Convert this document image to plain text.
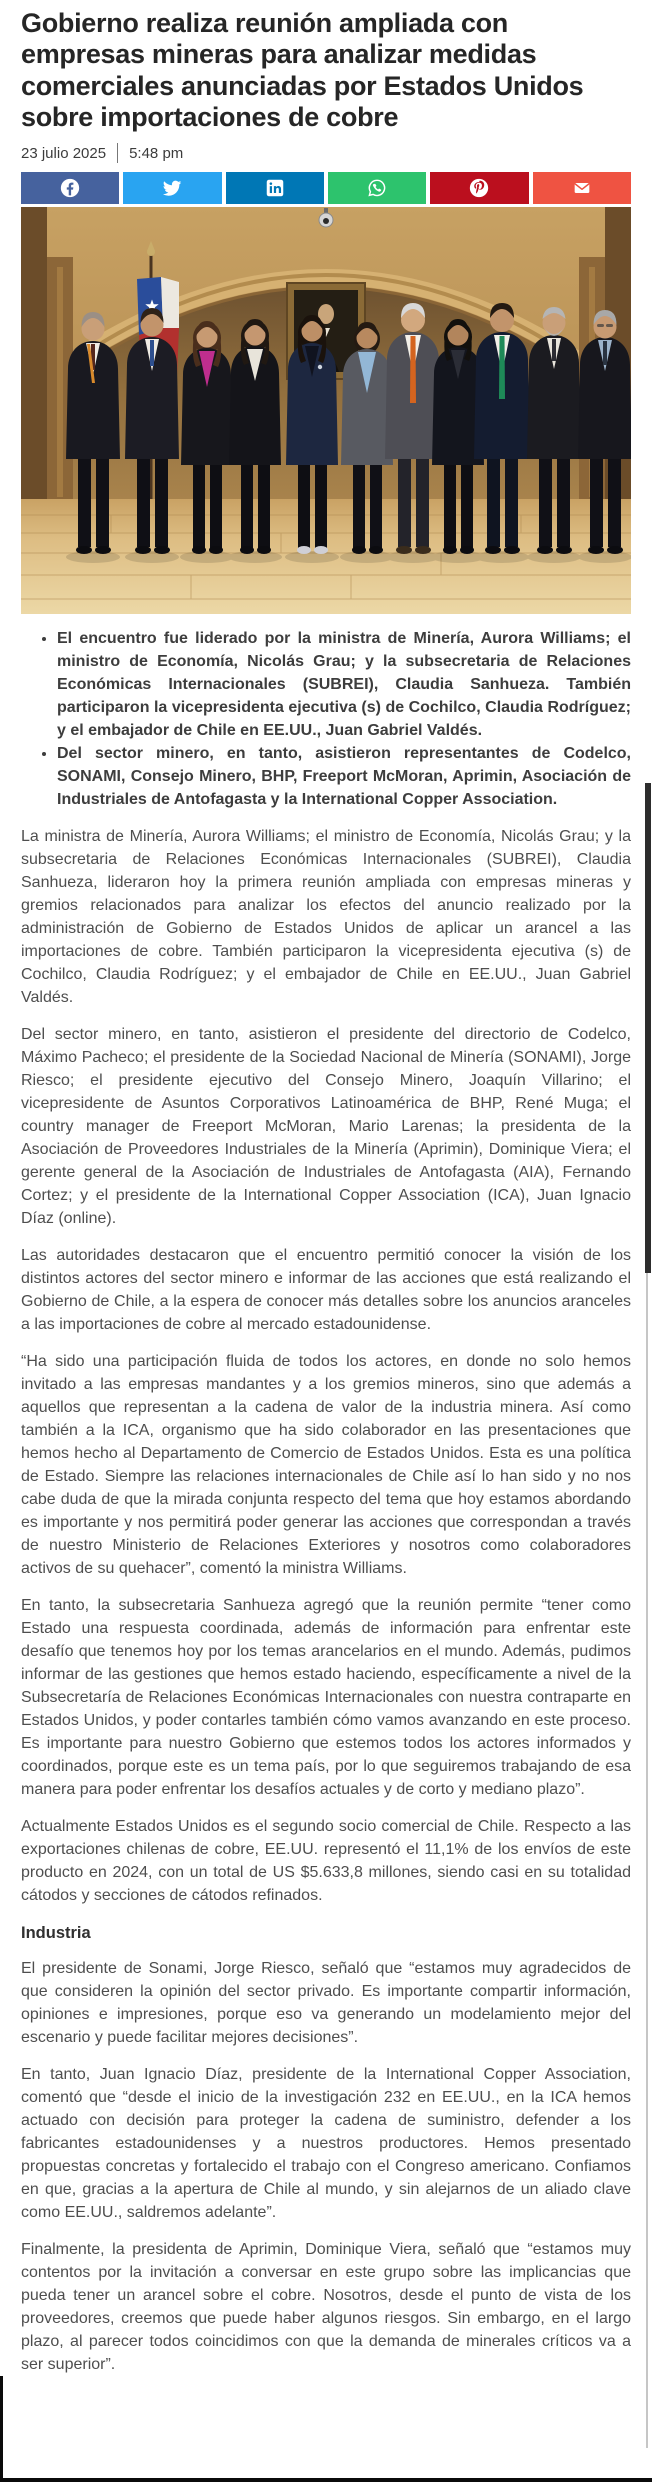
Gobierno realiza reunión ampliada con empresas mineras para analizar medidas comerciales anunciadas por Estados Unidos sobre importaciones de cobre
23 julio 2025 5:48 pm
• El encuentro fue liderado por la ministra de Minería, Aurora Williams; el ministro de Economía, Nicolás Grau; y la subsecretaria de Relaciones Económicas Internacionales (SUBREI), Claudia Sanhueza. También participaron la vicepresidenta ejecutiva (s) de Cochilco, Claudia Rodríguez; y el embajador de Chile en EE.UU., Juan Gabriel Valdés.
• Del sector minero, en tanto, asistieron representantes de Codelco, SONAMI, Consejo Minero, BHP, Freeport McMoran, Aprimin, Asociación de Industriales de Antofagasta y la International Copper Association.

La ministra de Minería, Aurora Williams; el ministro de Economía, Nicolás Grau; y la subsecretaria de Relaciones Económicas Internacionales (SUBREI), Claudia Sanhueza, lideraron hoy la primera reunión ampliada con empresas mineras y gremios relacionados para analizar los efectos del anuncio realizado por la administración de Gobierno de Estados Unidos de aplicar un arancel a las importaciones de cobre. También participaron la vicepresidenta ejecutiva (s) de Cochilco, Claudia Rodríguez; y el embajador de Chile en EE.UU., Juan Gabriel Valdés.

Del sector minero, en tanto, asistieron el presidente del directorio de Codelco, Máximo Pacheco; el presidente de la Sociedad Nacional de Minería (SONAMI), Jorge Riesco; el presidente ejecutivo del Consejo Minero, Joaquín Villarino; el vicepresidente de Asuntos Corporativos Latinoamérica de BHP, René Muga; el country manager de Freeport McMoran, Mario Larenas; la presidenta de la Asociación de Proveedores Industriales de la Minería (Aprimin), Dominique Viera; el gerente general de la Asociación de Industriales de Antofagasta (AIA), Fernando Cortez; y el presidente de la International Copper Association (ICA), Juan Ignacio Díaz (online).

Las autoridades destacaron que el encuentro permitió conocer la visión de los distintos actores del sector minero e informar de las acciones que está realizando el Gobierno de Chile, a la espera de conocer más detalles sobre los anuncios aranceles a las importaciones de cobre al mercado estadounidense.

“Ha sido una participación fluida de todos los actores, en donde no solo hemos invitado a las empresas mandantes y a los gremios mineros, sino que además a aquellos que representan a la cadena de valor de la industria minera. Así como también a la ICA, organismo que ha sido colaborador en las presentaciones que hemos hecho al Departamento de Comercio de Estados Unidos. Esta es una política de Estado. Siempre las relaciones internacionales de Chile así lo han sido y no nos cabe duda de que la mirada conjunta respecto del tema que hoy estamos abordando es importante y nos permitirá poder generar las acciones que correspondan a través de nuestro Ministerio de Relaciones Exteriores y nosotros como colaboradores activos de su quehacer”, comentó la ministra Williams.

En tanto, la subsecretaria Sanhueza agregó que la reunión permite “tener como Estado una respuesta coordinada, además de información para enfrentar este desafío que tenemos hoy por los temas arancelarios en el mundo. Además, pudimos informar de las gestiones que hemos estado haciendo, específicamente a nivel de la Subsecretaría de Relaciones Económicas Internacionales con nuestra contraparte en Estados Unidos, y poder contarles también cómo vamos avanzando en este proceso. Es importante para nuestro Gobierno que estemos todos los actores informados y coordinados, porque este es un tema país, por lo que seguiremos trabajando de esa manera para poder enfrentar los desafíos actuales y de corto y mediano plazo”.

Actualmente Estados Unidos es el segundo socio comercial de Chile. Respecto a las exportaciones chilenas de cobre, EE.UU. representó el 11,1% de los envíos de este producto en 2024, con un total de US $5.633,8 millones, siendo casi en su totalidad cátodos y secciones de cátodos refinados.

Industria

El presidente de Sonami, Jorge Riesco, señaló que “estamos muy agradecidos de que consideren la opinión del sector privado. Es importante compartir información, opiniones e impresiones, porque eso va generando un modelamiento mejor del escenario y puede facilitar mejores decisiones”.

En tanto, Juan Ignacio Díaz, presidente de la International Copper Association, comentó que “desde el inicio de la investigación 232 en EE.UU., en la ICA hemos actuado con decisión para proteger la cadena de suministro, defender a los fabricantes estadounidenses y a nuestros productores. Hemos presentado propuestas concretas y fortalecido el trabajo con el Congreso americano. Confiamos en que, gracias a la apertura de Chile al mundo, y sin alejarnos de un aliado clave como EE.UU., saldremos adelante”.

Finalmente, la presidenta de Aprimin, Dominique Viera, señaló que “estamos muy contentos por la invitación a conversar en este grupo sobre las implicancias que pueda tener un arancel sobre el cobre. Nosotros, desde el punto de vista de los proveedores, creemos que puede haber algunos riesgos. Sin embargo, en el largo plazo, al parecer todos coincidimos con que la demanda de minerales críticos va a ser superior”.
